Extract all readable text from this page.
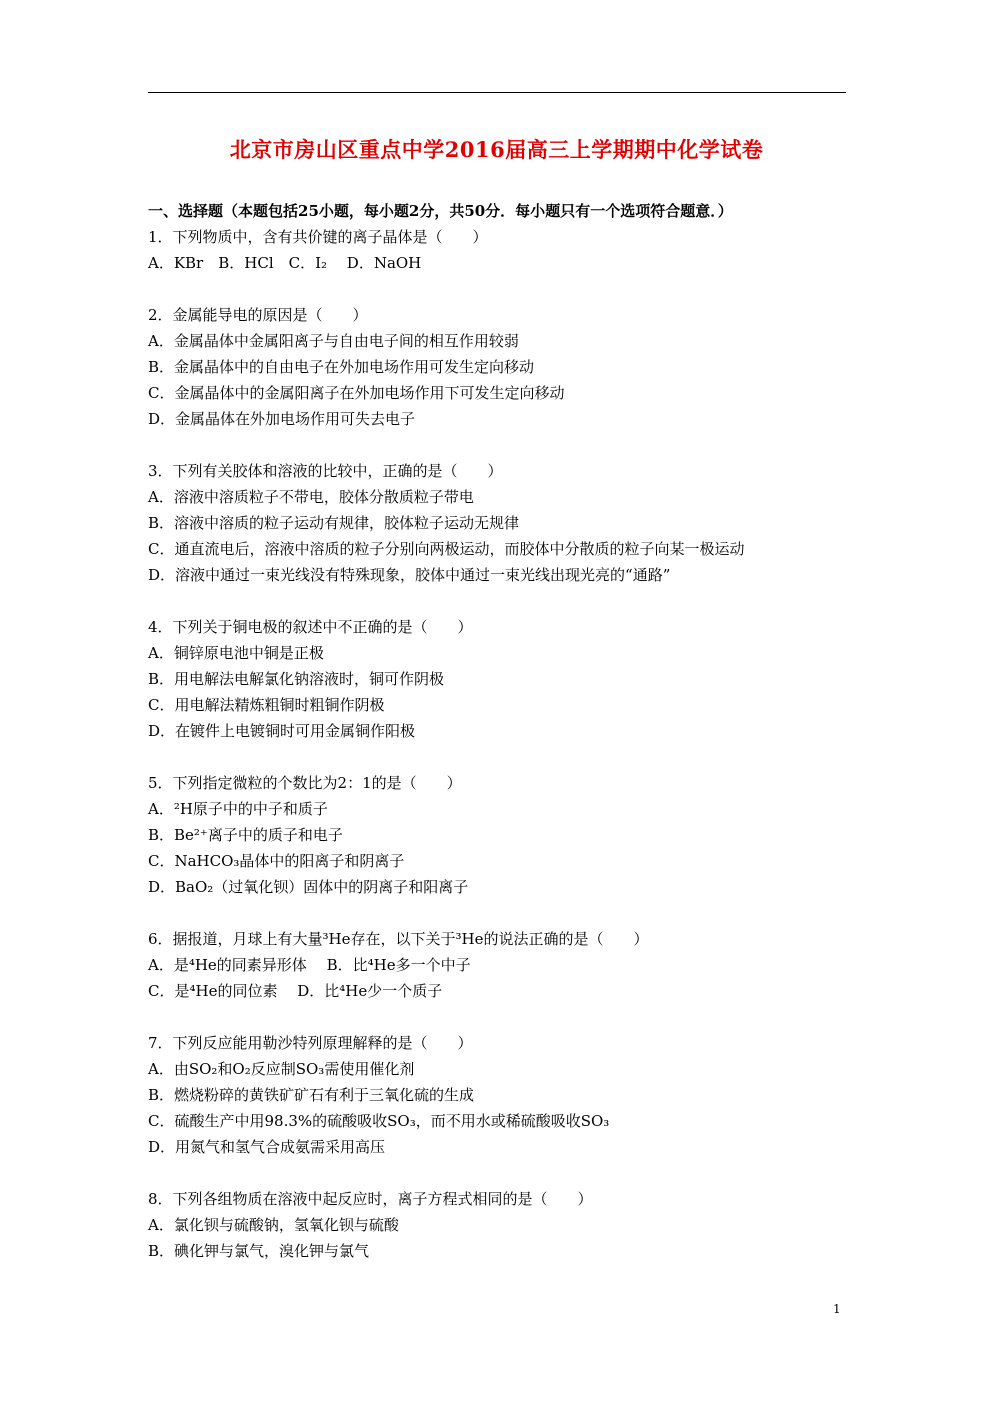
北京市房山区重点中学2016届高三上学期期中化学试卷
一、选择题（本题包括25小题，每小题2分，共50分．每小题只有一个选项符合题意．）
1．下列物质中，含有共价键的离子晶体是（　　）
A．KBr　B．HCl　C．I₂　 D．NaOH
2．金属能导电的原因是（　　）
A．金属晶体中金属阳离子与自由电子间的相互作用较弱
B．金属晶体中的自由电子在外加电场作用可发生定向移动
C．金属晶体中的金属阳离子在外加电场作用下可发生定向移动
D．金属晶体在外加电场作用可失去电子
3．下列有关胶体和溶液的比较中，正确的是（　　）
A．溶液中溶质粒子不带电，胶体分散质粒子带电
B．溶液中溶质的粒子运动有规律，胶体粒子运动无规律
C．通直流电后，溶液中溶质的粒子分别向两极运动，而胶体中分散质的粒子向某一极运动
D．溶液中通过一束光线没有特殊现象，胶体中通过一束光线出现光亮的“通路”
4．下列关于铜电极的叙述中不正确的是（　　）
A．铜锌原电池中铜是正极
B．用电解法电解氯化钠溶液时，铜可作阴极
C．用电解法精炼粗铜时粗铜作阴极
D．在镀件上电镀铜时可用金属铜作阳极
5．下列指定微粒的个数比为2：1的是（　　）
A．²H原子中的中子和质子
B．Be²⁺离子中的质子和电子
C．NaHCO₃晶体中的阳离子和阴离子
D．BaO₂（过氧化钡）固体中的阴离子和阳离子
6．据报道，月球上有大量³He存在，以下关于³He的说法正确的是（　　）
A．是⁴He的同素异形体　 B．比⁴He多一个中子
C．是⁴He的同位素　 D．比⁴He少一个质子
7．下列反应能用勒沙特列原理解释的是（　　）
A．由SO₂和O₂反应制SO₃需使用催化剂
B．燃烧粉碎的黄铁矿矿石有利于三氧化硫的生成
C．硫酸生产中用98.3%的硫酸吸收SO₃，而不用水或稀硫酸吸收SO₃
D．用氮气和氢气合成氨需采用高压
8．下列各组物质在溶液中起反应时，离子方程式相同的是（　　）
A．氯化钡与硫酸钠，氢氧化钡与硫酸
B．碘化钾与氯气，溴化钾与氯气
1
